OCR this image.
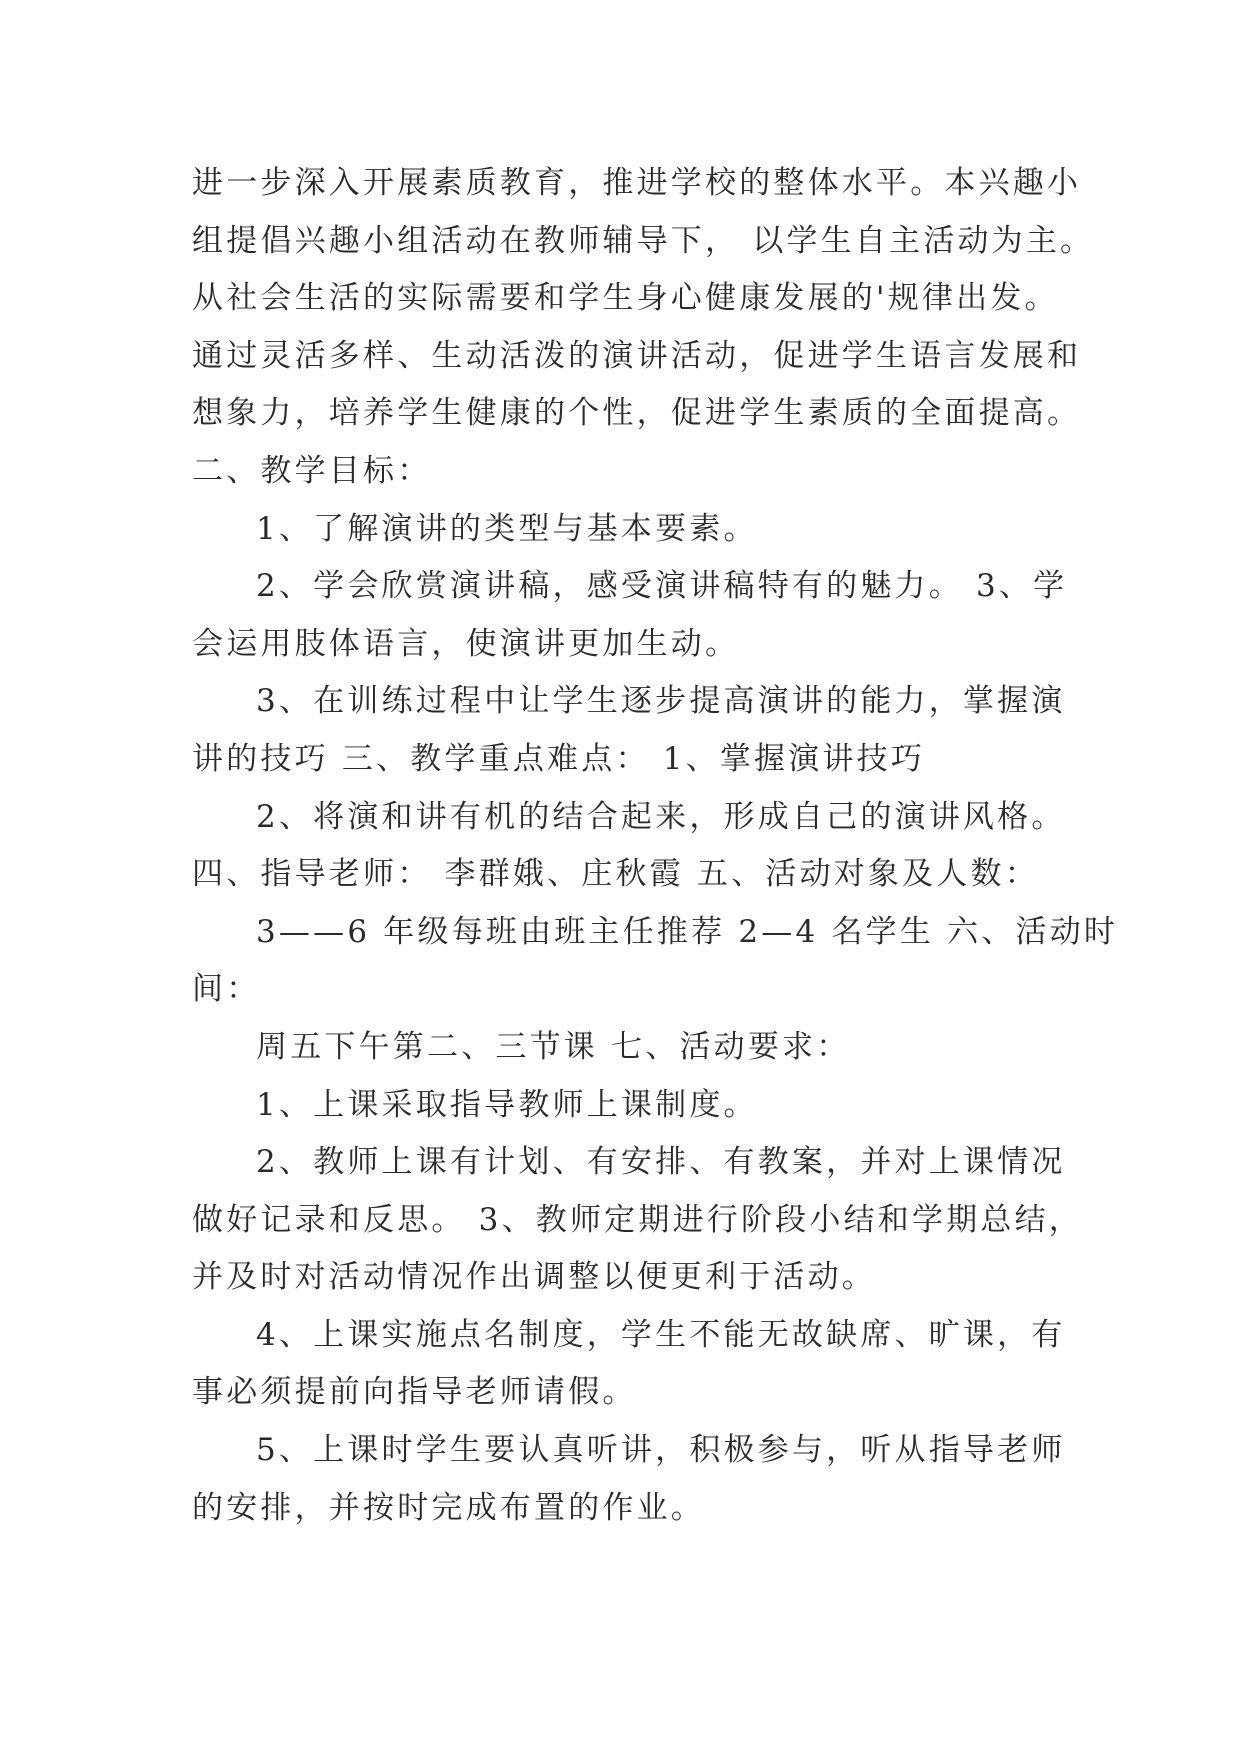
进一步深入开展素质教育，推进学校的整体水平。本兴趣小
组提倡兴趣小组活动在教师辅导下， 以学生自主活动为主。
从社会生活的实际需要和学生身心健康发展的'规律出发。
通过灵活多样、生动活泼的演讲活动，促进学生语言发展和
想象力，培养学生健康的个性，促进学生素质的全面提高。
二、教学目标：
1、了解演讲的类型与基本要素。
2、学会欣赏演讲稿，感受演讲稿特有的魅力。 3、学
会运用肢体语言，使演讲更加生动。
3、在训练过程中让学生逐步提高演讲的能力，掌握演
讲的技巧 三、教学重点难点： 1、掌握演讲技巧
2、将演和讲有机的结合起来，形成自己的演讲风格。
四、指导老师： 李群娥、庄秋霞 五、活动对象及人数：
3——6 年级每班由班主任推荐 2—4 名学生 六、活动时
间：
周五下午第二、三节课 七、活动要求：
1、上课采取指导教师上课制度。
2、教师上课有计划、有安排、有教案，并对上课情况
做好记录和反思。 3、教师定期进行阶段小结和学期总结，
并及时对活动情况作出调整以便更利于活动。
4、上课实施点名制度，学生不能无故缺席、旷课，有
事必须提前向指导老师请假。
5、上课时学生要认真听讲，积极参与，听从指导老师
的安排，并按时完成布置的作业。
